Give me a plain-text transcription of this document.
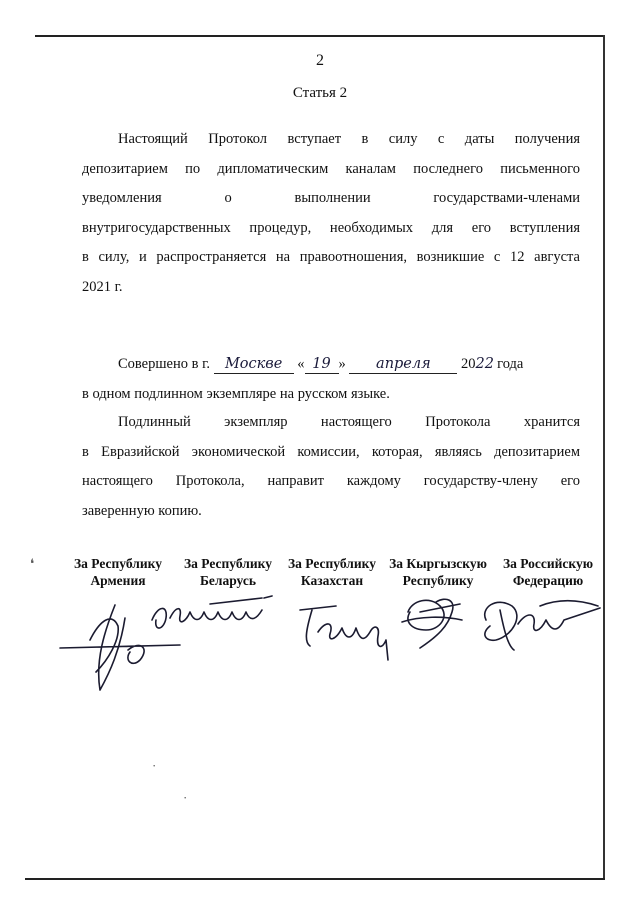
2
Статья 2
Настоящий Протокол вступает в силу с даты получения
депозитарием по дипломатическим каналам последнего письменного
уведомления о выполнении государствами-членами
внутригосударственных процедур, необходимых для его вступления
в силу, и распространяется на правоотношения, возникшие с 12 августа
2021 г.
Совершено в г. Москве « 19 » апреля 2022 года
в одном подлинном экземпляре на русском языке.
Подлинный экземпляр настоящего Протокола хранится
в Евразийской экономической комиссии, которая, являясь депозитарием
настоящего Протокола, направит каждому государству-члену его
заверенную копию.
❛	За Республику
Армения
За Республику
Беларусь
За Республику
Казахстан
За Кыргызскую
Республику
За Российскую
Федерацию
·
·
